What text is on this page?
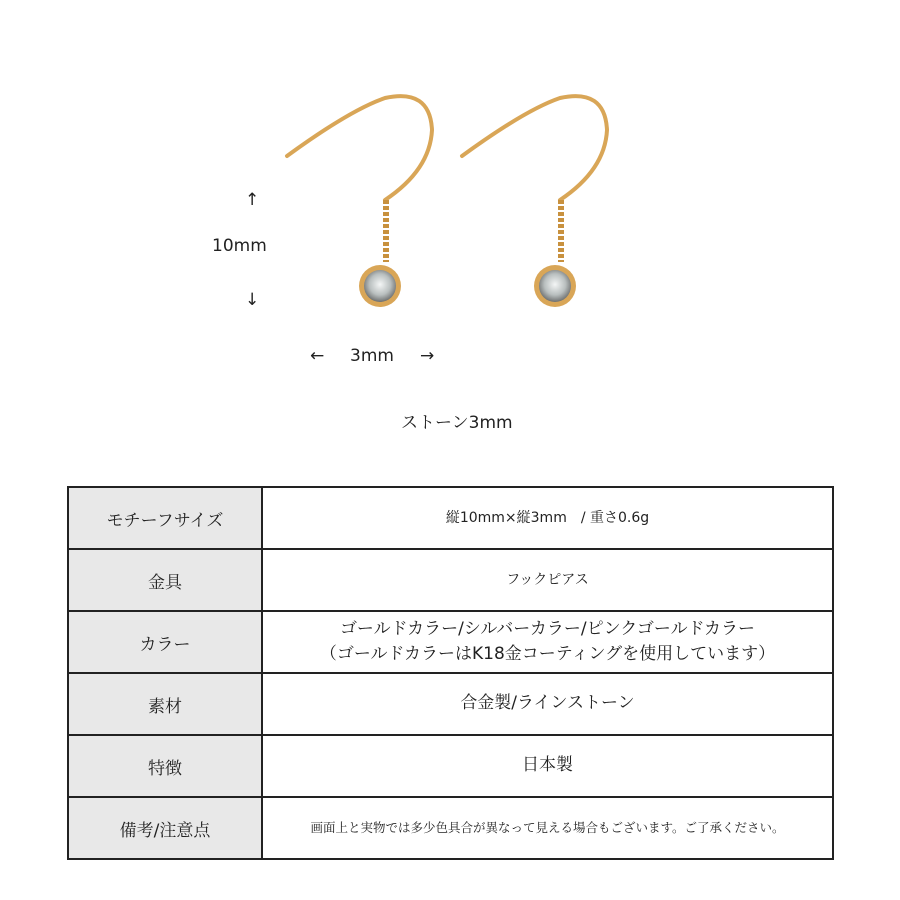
↑
10mm
↓
← 3mm →
ストーン3mm
モチーフサイズ	縦10mm×縦3mm　/ 重さ0.6g
金具	フックピアス
カラー	ゴールドカラー/シルバーカラー/ピンクゴールドカラー
（ゴールドカラーはK18金コーティングを使用しています）

素材	合金製/ラインストーン
特徴	日本製
備考/注意点	画面上と実物では多少色具合が異なって見える場合もございます。ご了承ください。
